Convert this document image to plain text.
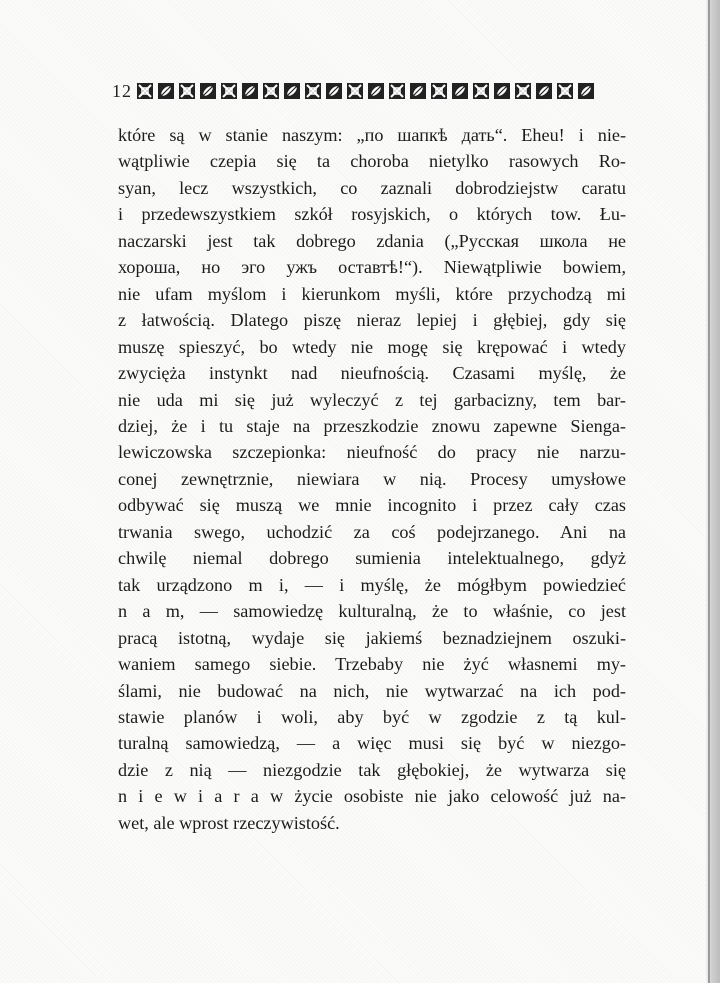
12
które są w stanie naszym: „по шапкѣ дать“. Eheu! i nie-
wątpliwie czepia się ta choroba nietylko rasowych Ro-
syan, lecz wszystkich, co zaznali dobrodziejstw caratu
i przedewszystkiem szkół rosyjskich, o których tow. Łu-
naczarski jest tak dobrego zdania („Русская школа не
хороша, но эго ужъ оставтѣ!“). Niewątpliwie bowiem,
nie ufam myślom i kierunkom myśli, które przychodzą mi
z łatwością. Dlatego piszę nieraz lepiej i głębiej, gdy się
muszę spieszyć, bo wtedy nie mogę się krępować i wtedy
zwycięża instynkt nad nieufnością. Czasami myślę, że
nie uda mi się już wyleczyć z tej garbacizny, tem bar-
dziej, że i tu staje na przeszkodzie znowu zapewne Sienga-
lewiczowska szczepionka: nieufność do pracy nie narzu-
conej zewnętrznie, niewiara w nią. Procesy umysłowe
odbywać się muszą we mnie incognito i przez cały czas
trwania swego, uchodzić za coś podejrzanego. Ani na
chwilę niemal dobrego sumienia intelektualnego, gdyż
tak urządzono m i, — i myślę, że mógłbym powiedzieć
n a m, — samowiedzę kulturalną, że to właśnie, co jest
pracą istotną, wydaje się jakiemś beznadziejnem oszuki-
waniem samego siebie. Trzebaby nie żyć własnemi my-
ślami, nie budować na nich, nie wytwarzać na ich pod-
stawie planów i woli, aby być w zgodzie z tą kul-
turalną samowiedzą, — a więc musi się być w niezgo-
dzie z nią — niezgodzie tak głębokiej, że wytwarza się
n i e w i a r a w życie osobiste nie jako celowość już na-
wet, ale wprost rzeczywistość.
